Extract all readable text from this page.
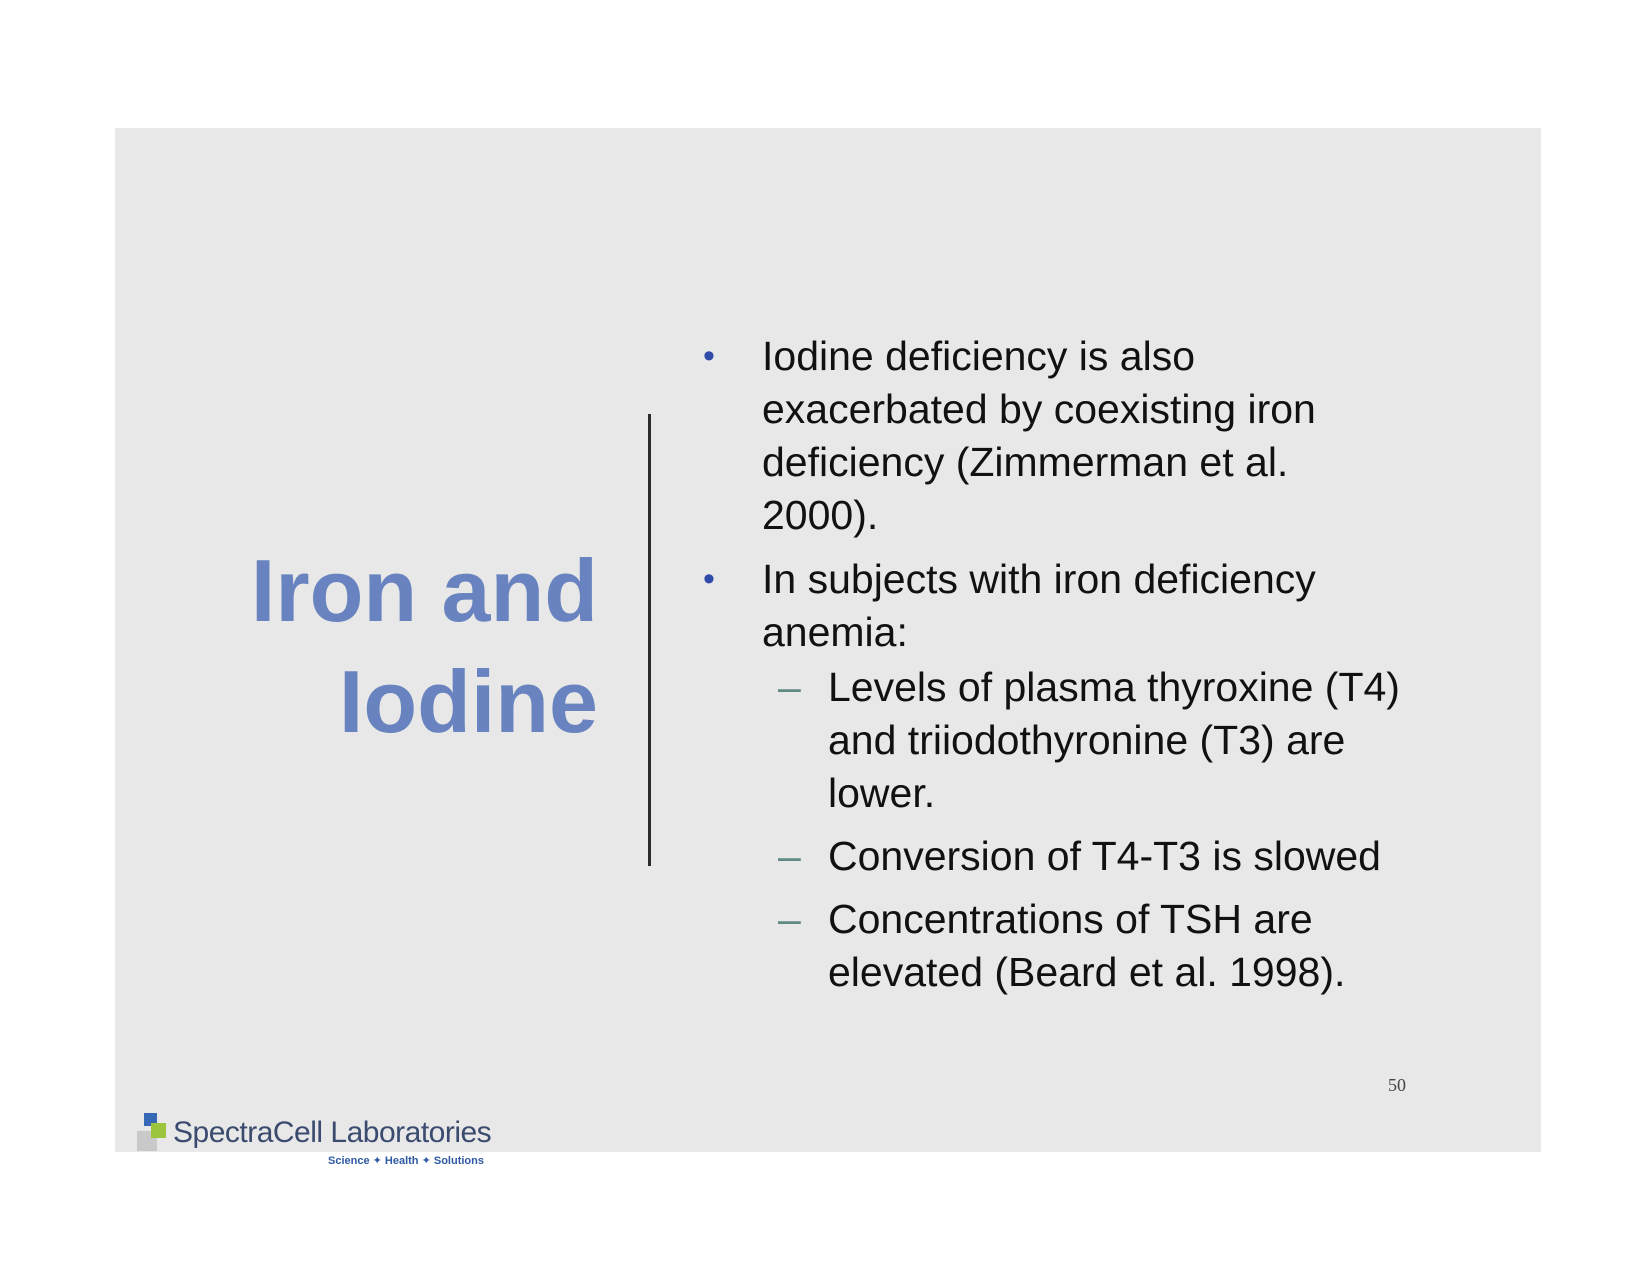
Iron and
Iodine
• Iodine deficiency is also exacerbated by coexisting iron deficiency (Zimmerman et al. 2000).
• In subjects with iron deficiency anemia:
– Levels of plasma thyroxine (T4) and triiodothyronine (T3) are lower.
– Conversion of T4-T3 is slowed
– Concentrations of TSH are elevated (Beard et al. 1998).
50
SpectraCell Laboratories
Science ✦ Health ✦ Solutions
